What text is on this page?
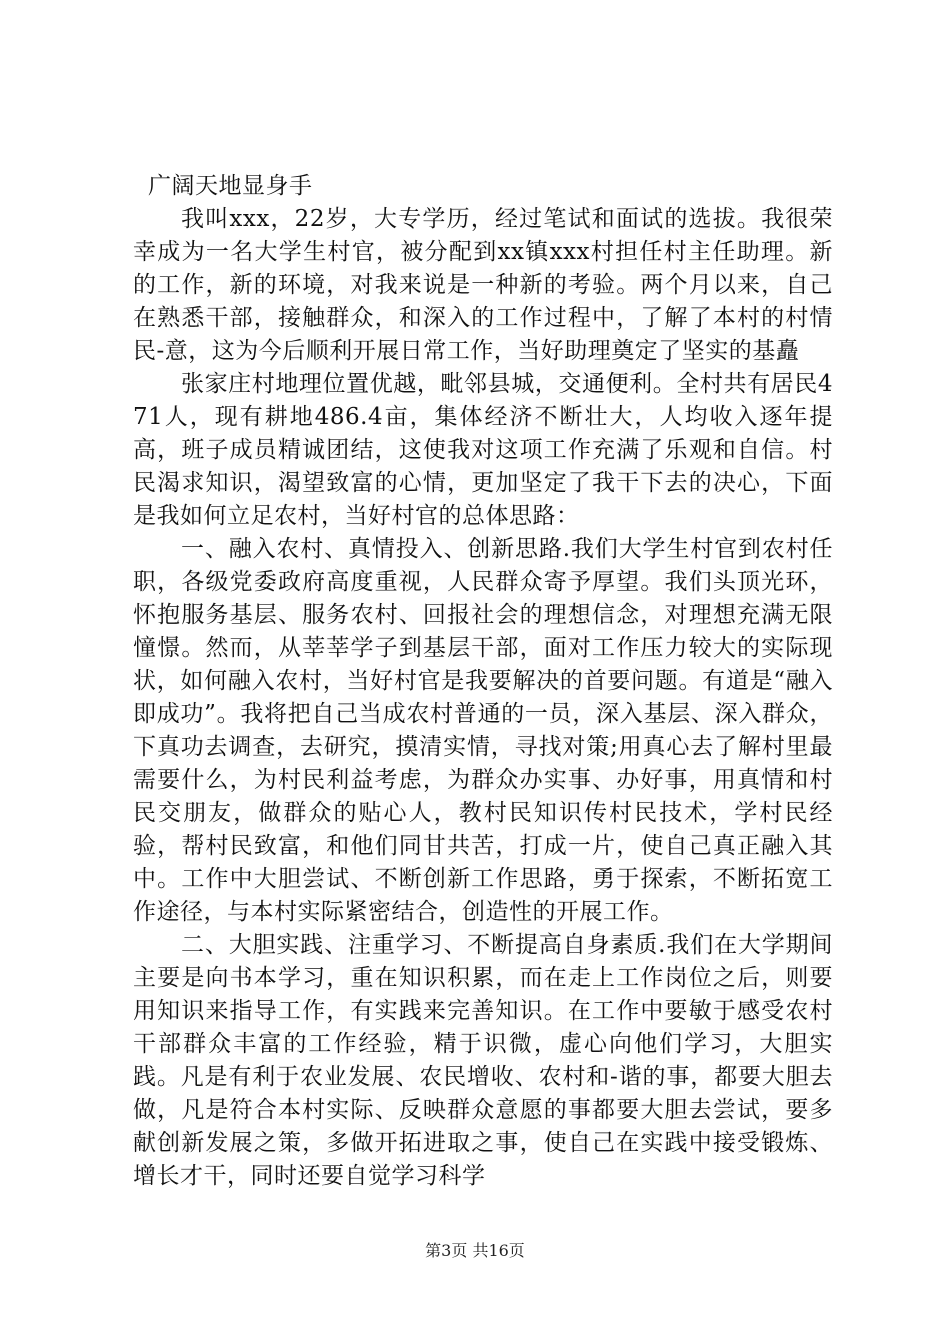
广阔天地显身手

我叫xxx，22岁，大专学历，经过笔试和面试的选拔。我很荣幸成为一名大学生村官，被分配到xx镇xxx村担任村主任助理。新的工作，新的环境，对我来说是一种新的考验。两个月以来，自己在熟悉干部，接触群众，和深入的工作过程中，了解了本村的村情民-意，这为今后顺利开展日常工作，当好助理奠定了坚实的基矗

张家庄村地理位置优越，毗邻县城，交通便利。全村共有居民471人，现有耕地486.4亩，集体经济不断壮大，人均收入逐年提高，班子成员精诚团结，这使我对这项工作充满了乐观和自信。村民渴求知识，渴望致富的心情，更加坚定了我干下去的决心，下面是我如何立足农村，当好村官的总体思路：

一、融入农村、真情投入、创新思路.我们大学生村官到农村任职，各级党委政府高度重视，人民群众寄予厚望。我们头顶光环，怀抱服务基层、服务农村、回报社会的理想信念，对理想充满无限憧憬。然而，从莘莘学子到基层干部，面对工作压力较大的实际现状，如何融入农村，当好村官是我要解决的首要问题。有道是“融入即成功”。我将把自己当成农村普通的一员，深入基层、深入群众，下真功去调查，去研究，摸清实情，寻找对策;用真心去了解村里最需要什么，为村民利益考虑，为群众办实事、办好事，用真情和村民交朋友，做群众的贴心人，教村民知识传村民技术，学村民经验，帮村民致富，和他们同甘共苦，打成一片，使自己真正融入其中。工作中大胆尝试、不断创新工作思路，勇于探索，不断拓宽工作途径，与本村实际紧密结合，创造性的开展工作。

二、大胆实践、注重学习、不断提高自身素质.我们在大学期间主要是向书本学习，重在知识积累，而在走上工作岗位之后，则要用知识来指导工作，有实践来完善知识。在工作中要敏于感受农村干部群众丰富的工作经验，精于识微，虚心向他们学习，大胆实践。凡是有利于农业发展、农民增收、农村和-谐的事，都要大胆去做，凡是符合本村实际、反映群众意愿的事都要大胆去尝试，要多献创新发展之策，多做开拓进取之事，使自己在实践中接受锻炼、增长才干，同时还要自觉学习科学

第3页 共16页
